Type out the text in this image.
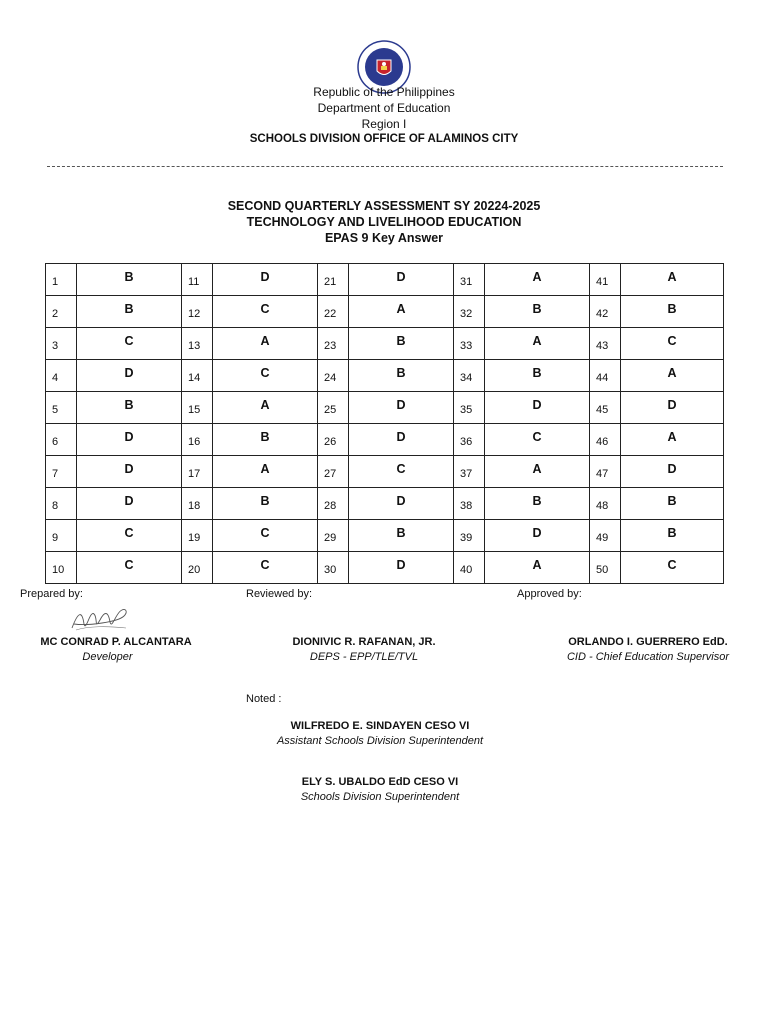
Republic of the Philippines
Department of Education
Region I
SCHOOLS DIVISION OFFICE OF ALAMINOS CITY
SECOND QUARTERLY ASSESSMENT SY 20224-2025
TECHNOLOGY AND LIVELIHOOD EDUCATION
EPAS 9 Key Answer
1	B	11	D	21	D	31	A	41	A
2	B	12	C	22	A	32	B	42	B
3	C	13	A	23	B	33	A	43	C
4	D	14	C	24	B	34	B	44	A
5	B	15	A	25	D	35	D	45	D
6	D	16	B	26	D	36	C	46	A
7	D	17	A	27	C	37	A	47	D
8	D	18	B	28	D	38	B	48	B
9	C	19	C	29	B	39	D	49	B
10	C	20	C	30	D	40	A	50	C
Prepared by:	Reviewed by:	Approved by:
MC CONRAD P. ALCANTARA
Developer
DIONIVIC R. RAFANAN, JR.
DEPS - EPP/TLE/TVL
ORLANDO I. GUERRERO EdD.
CID - Chief Education Supervisor
Noted :
WILFREDO E. SINDAYEN CESO VI
Assistant Schools Division Superintendent
ELY S. UBALDO EdD CESO VI
Schools Division Superintendent
